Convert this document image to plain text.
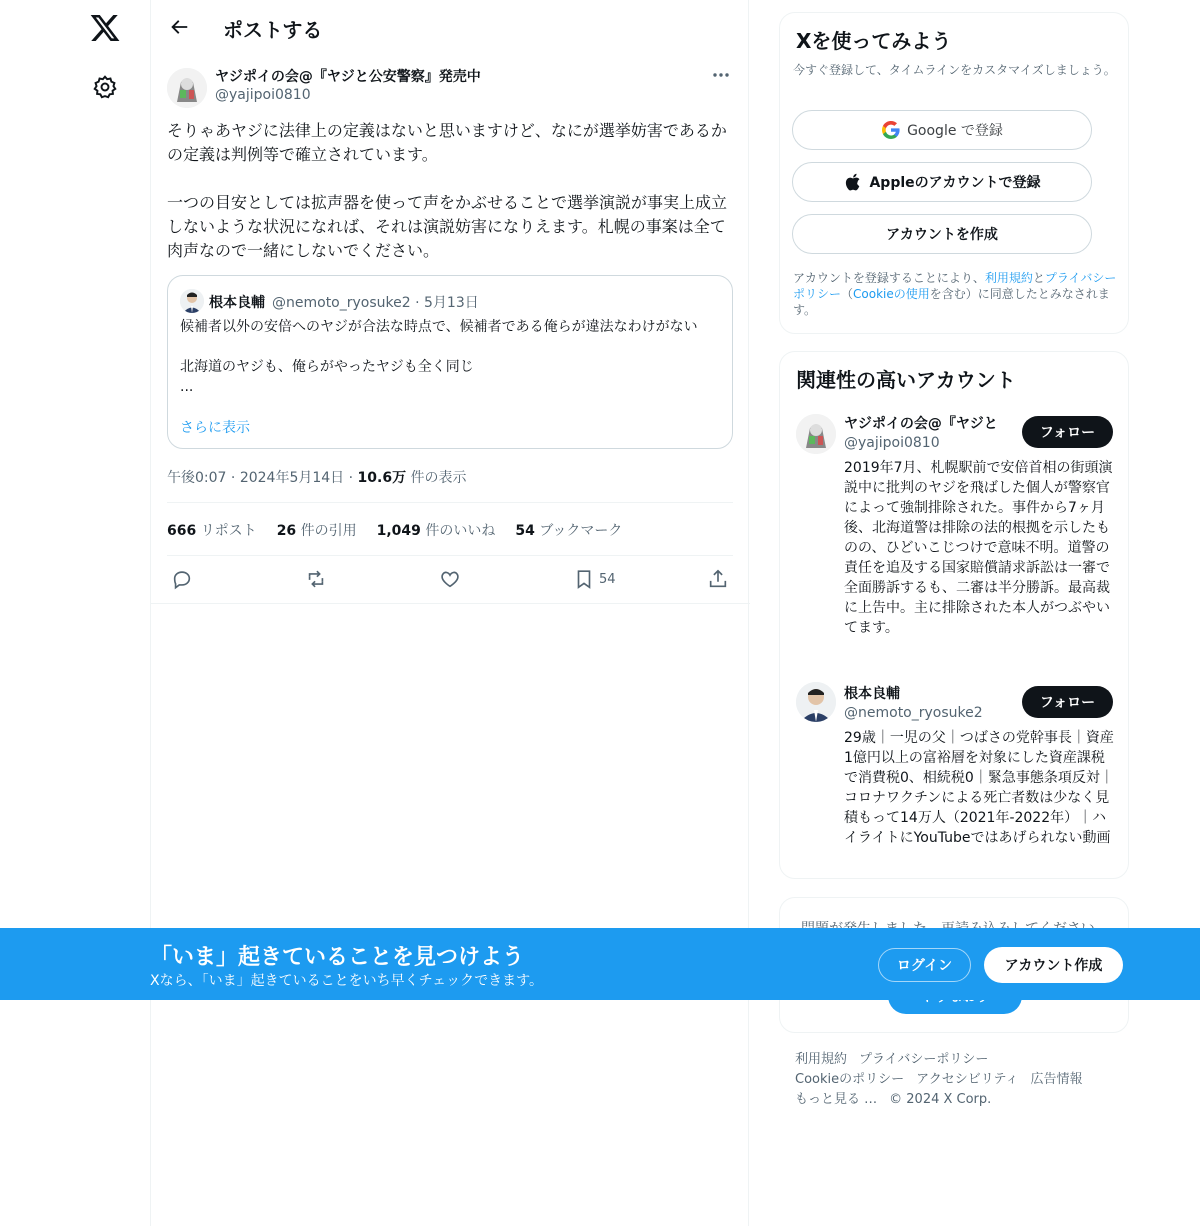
ポストする
ヤジポイの会@『ヤジと公安警察』発売中
@yajipoi0810
そりゃあヤジに法律上の定義はないと思いますけど、なにが選挙妨害であるかの定義は判例等で確立されています。

一つの目安としては拡声器を使って声をかぶせることで選挙演説が事実上成立しないような状況になれば、それは演説妨害になりえます。札幌の事案は全て肉声なので一緒にしないでください。
根本良輔 @nemoto_ryosuke2 · 5月13日
候補者以外の安倍へのヤジが合法な時点で、候補者である俺らが違法なわけがない

北海道のヤジも、俺らがやったヤジも全く同じ
...
さらに表示
午後0:07 · 2024年5月14日 · 10.6万 件の表示
666 リポスト 26 件の引用 1,049 件のいいね 54 ブックマーク
54
Xを使ってみよう
今すぐ登録して、タイムラインをカスタマイズしましょう。
Google で登録
Appleのアカウントで登録
アカウントを作成
アカウントを登録することにより、利用規約とプライバシーポリシー（Cookieの使用を含む）に同意したとみなされます。
関連性の高いアカウント
ヤジポイの会@『ヤジと
@yajipoi0810
フォロー
2019年7月、札幌駅前で安倍首相の街頭演説中に批判のヤジを飛ばした個人が警察官によって強制排除された。事件から7ヶ月後、北海道警は排除の法的根拠を示したものの、ひどいこじつけで意味不明。道警の責任を追及する国家賠償請求訴訟は一審で全面勝訴するも、二審は半分勝訴。最高裁に上告中。主に排除された本人がつぶやいてます。
根本良輔
@nemoto_ryosuke2
フォロー
29歳｜一児の父｜つばさの党幹事長｜資産1億円以上の富裕層を対象にした資産課税で消費税0、相続税0｜緊急事態条項反対｜コロナワクチンによる死亡者数は少なく見積もって14万人（2021年-2022年）｜ハイライトにYouTubeではあげられない動画
利用規約 プライバシーポリシー
Cookieのポリシー アクセシビリティ 広告情報
もっと見る … © 2024 X Corp.
「いま」起きていることを見つけよう
Xなら、「いま」起きていることをいち早くチェックできます。
ログイン	アカウント作成
